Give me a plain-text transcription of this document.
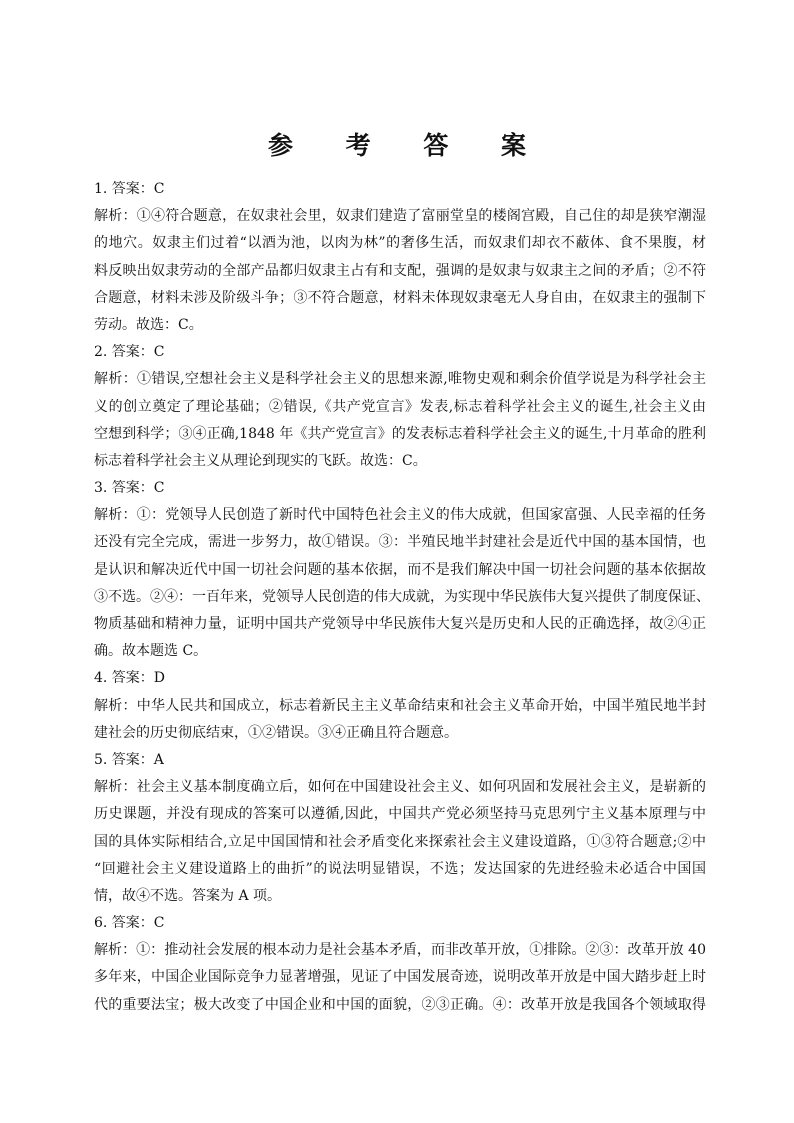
参 考 答 案
1. 答案：C
解析：①④符合题意，在奴隶社会里，奴隶们建造了富丽堂皇的楼阁宫殿，自己住的却是狭窄潮湿
的地穴。奴隶主们过着“以酒为池，以肉为林”的奢侈生活，而奴隶们却衣不蔽体、食不果腹，材
料反映出奴隶劳动的全部产品都归奴隶主占有和支配，强调的是奴隶与奴隶主之间的矛盾；②不符
合题意，材料未涉及阶级斗争；③不符合题意，材料未体现奴隶毫无人身自由，在奴隶主的强制下
劳动。故选：C。
2. 答案：C
解析：①错误,空想社会主义是科学社会主义的思想来源,唯物史观和剩余价值学说是为科学社会主
义的创立奠定了理论基础；②错误,《共产党宣言》发表,标志着科学社会主义的诞生,社会主义由
空想到科学；③④正确,1848 年《共产党宣言》的发表标志着科学社会主义的诞生,十月革命的胜利
标志着科学社会主义从理论到现实的飞跃。故选：C。
3. 答案：C
解析：①：党领导人民创造了新时代中国特色社会主义的伟大成就，但国家富强、人民幸福的任务
还没有完全完成，需进一步努力，故①错误。③：半殖民地半封建社会是近代中国的基本国情，也
是认识和解决近代中国一切社会问题的基本依据，而不是我们解决中国一切社会问题的基本依据故
③不选。②④：一百年来，党领导人民创造的伟大成就，为实现中华民族伟大复兴提供了制度保证、
物质基础和精神力量，证明中国共产党领导中华民族伟大复兴是历史和人民的正确选择，故②④正
确。故本题选 C。
4. 答案：D
解析：中华人民共和国成立，标志着新民主主义革命结束和社会主义革命开始，中国半殖民地半封
建社会的历史彻底结束，①②错误。③④正确且符合题意。
5. 答案：A
解析：社会主义基本制度确立后，如何在中国建设社会主义、如何巩固和发展社会主义，是崭新的
历史课题，并没有现成的答案可以遵循,因此，中国共产党必须坚持马克思列宁主义基本原理与中
国的具体实际相结合,立足中国国情和社会矛盾变化来探索社会主义建设道路，①③符合题意;②中
“回避社会主义建设道路上的曲折”的说法明显错误，不选；发达国家的先进经验未必适合中国国
情，故④不选。答案为 A 项。
6. 答案：C
解析：①：推动社会发展的根本动力是社会基本矛盾，而非改革开放，①排除。②③：改革开放 40
多年来，中国企业国际竞争力显著增强，见证了中国发展奇迹，说明改革开放是中国大踏步赶上时
代的重要法宝；极大改变了中国企业和中国的面貌，②③正确。④：改革开放是我国各个领域取得
